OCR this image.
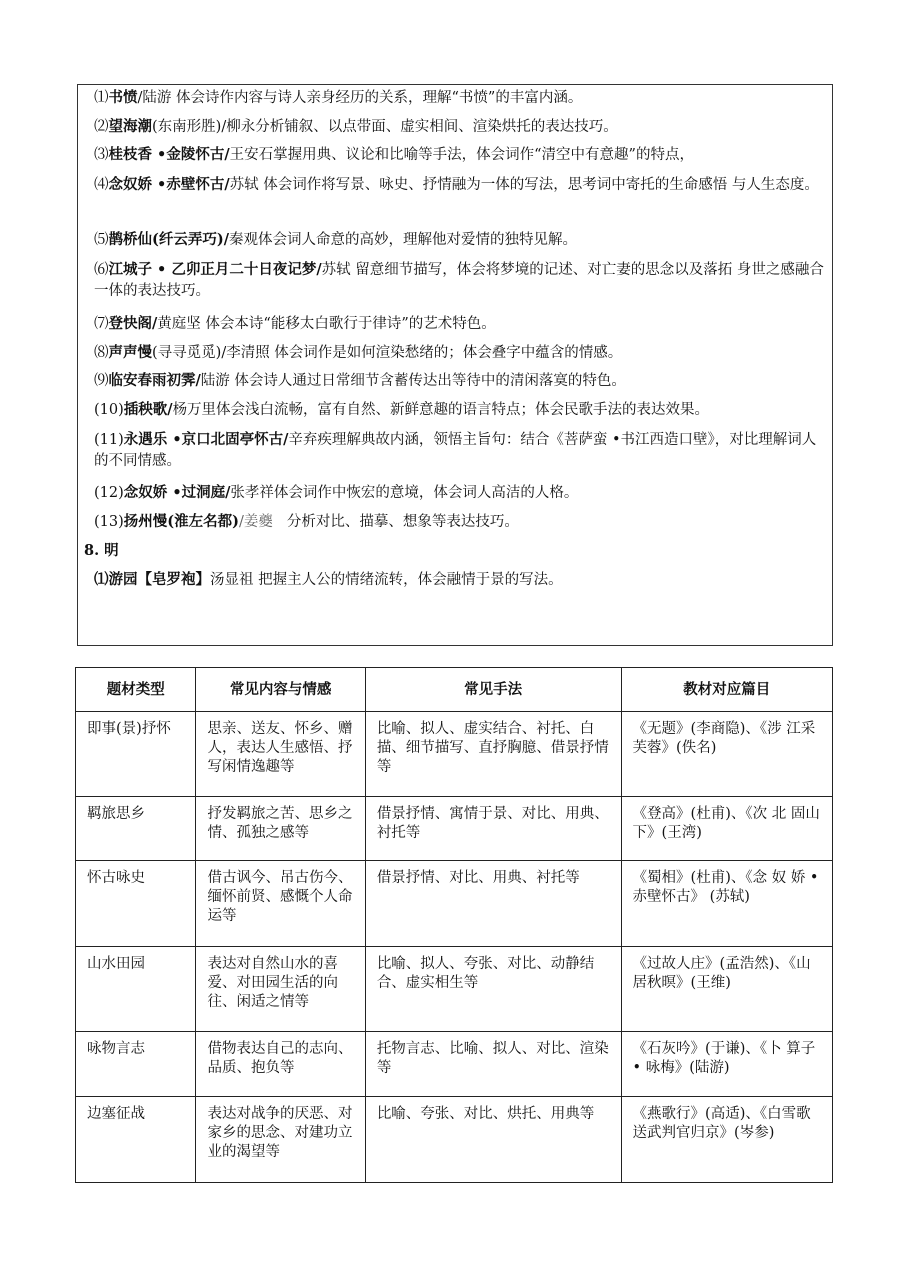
⑴书愤/陆游 体会诗作内容与诗人亲身经历的关系，理解“书愤”的丰富内涵。
⑵望海潮(东南形胜)/柳永分析铺叙、以点带面、虚实相间、渲染烘托的表达技巧。
⑶桂枝香 •金陵怀古/王安石掌握用典、议论和比喻等手法，体会词作“清空中有意趣”的特点，
⑷念奴娇 •赤壁怀古/苏轼 体会词作将写景、咏史、抒情融为一体的写法，思考词中寄托的生命感悟 与人生态度。
⑸鹊桥仙(纤云弄巧)/秦观体会词人命意的高妙，理解他对爱情的独特见解。
⑹江城子 • 乙卯正月二十日夜记梦/苏轼 留意细节描写，体会将梦境的记述、对亡妻的思念以及落拓 身世之感融合一体的表达技巧。
⑺登快阁/黄庭坚 体会本诗“能移太白歌行于律诗”的艺术特色。
⑻声声慢(寻寻觅觅)/李清照 体会词作是如何渲染愁绪的；体会叠字中蕴含的情感。
⑼临安春雨初霁/陆游 体会诗人通过日常细节含蓄传达出等待中的清闲落寞的特色。
(10)插秧歌/杨万里体会浅白流畅，富有自然、新鲜意趣的语言特点；体会民歌手法的表达效果。
(11)永遇乐 •京口北固亭怀古/辛弃疾理解典故内涵，领悟主旨句：结合《菩萨蛮 •书江西造口壁》，对比理解词人的不同情感。
(12)念奴娇 •过洞庭/张孝祥体会词作中恢宏的意境，体会词人高洁的人格。
(13)扬州慢(淮左名都)/姜夔 分析对比、描摹、想象等表达技巧。
8. 明
⑴游园【皂罗袍】汤显祖 把握主人公的情绪流转，体会融情于景的写法。
题材类型	常见内容与情感	常见手法	教材对应篇目
即事(景)抒怀	思亲、送友、怀乡、赠人，表达人生感悟、抒写闲情逸趣等	比喻、拟人、虚实结合、衬托、白描、细节描写、直抒胸臆、借景抒情等	《无题》(李商隐)、《涉 江采芙蓉》(佚名)
羁旅思乡	抒发羁旅之苦、思乡之情、孤独之感等	借景抒情、寓情于景、对比、用典、衬托等	《登高》(杜甫)、《次 北 固山下》(王湾)
怀古咏史	借古讽今、吊古伤今、缅怀前贤、感慨个人命运等	借景抒情、对比、用典、衬托等	《蜀相》(杜甫)、《念 奴 娇 • 赤壁怀古》 (苏轼)
山水田园	表达对自然山水的喜爱、对田园生活的向往、闲适之情等	比喻、拟人、夸张、对比、动静结合、虚实相生等	《过故人庄》(孟浩然)、《山居秋暝》(王维)
咏物言志	借物表达自己的志向、品质、抱负等	托物言志、比喻、拟人、对比、渲染等	《石灰吟》(于谦)、《卜 算子 • 咏梅》(陆游)
边塞征战	表达对战争的厌恶、对家乡的思念、对建功立业的渴望等	比喻、夸张、对比、烘托、用典等	《燕歌行》(高适)、《白雪歌送武判官归京》(岑参)
